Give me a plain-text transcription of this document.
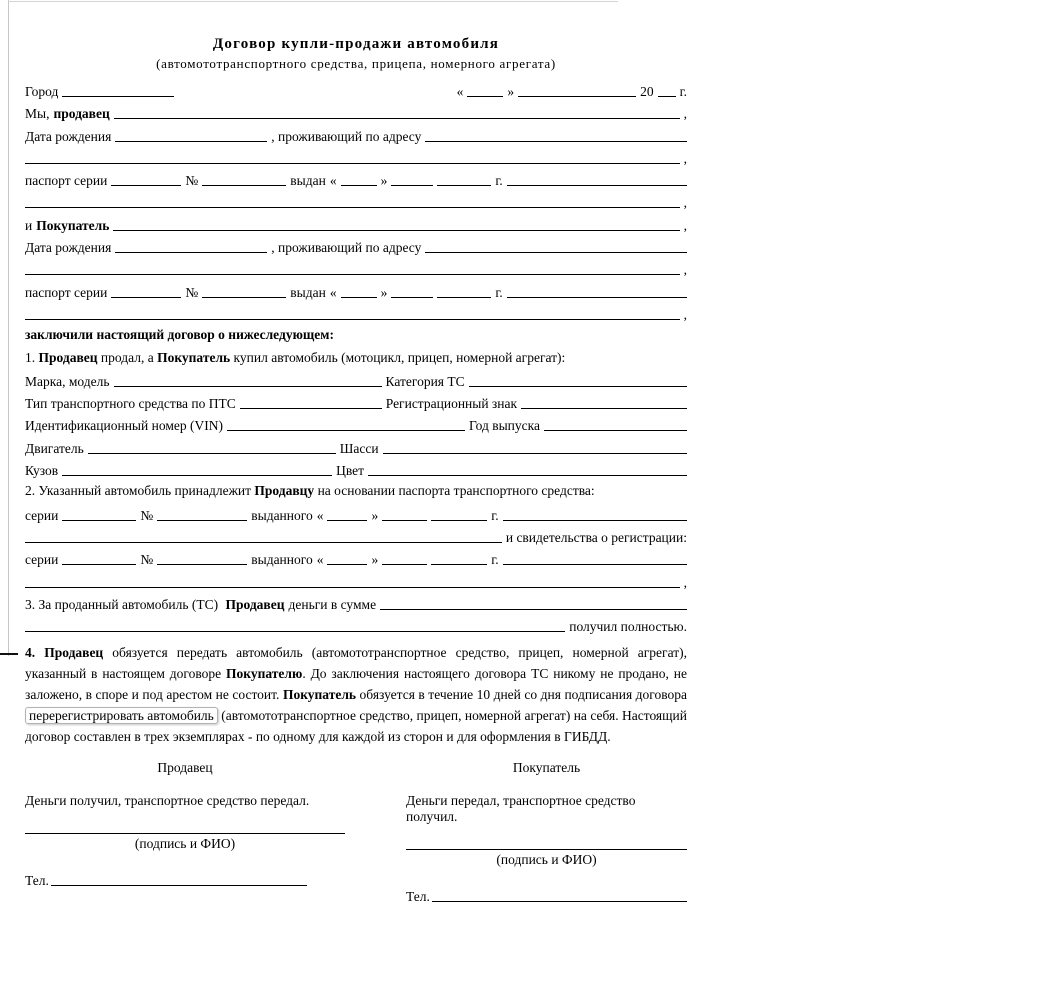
Договор купли-продажи автомобиля
(автомототранспортного средства, прицепа, номерного агрегата)
Город	«	»	20 г.
Мы, продавец	,
Дата рождения	, проживающий по адресу
,
паспорт серии	№	выдан «	»	г.
,
и Покупатель	,
Дата рождения	, проживающий по адресу
,
паспорт серии	№	выдан «	»	г.
,
заключили настоящий договор о нижеследующем:
1. Продавец продал, а Покупатель купил автомобиль (мотоцикл, прицеп, номерной агрегат):
Марка, модель	Категория ТС
Тип транспортного средства по ПТС	Регистрационный знак
Идентификационный номер (VIN)	Год выпуска
Двигатель	Шасси
Кузов	Цвет
2. Указанный автомобиль принадлежит Продавцу на основании паспорта транспортного средства:
серии	№	выданного «	»	г.
и свидетельства о регистрации:
серии	№	выданного «	»	г.
,
3. За проданный автомобиль (ТС) Продавец деньги в сумме
получил полностью.
4. Продавец обязуется передать автомобиль (автомототранспортное средство, прицеп, номерной агрегат), указанный в настоящем договоре Покупателю. До заключения настоящего договора ТС никому не продано, не заложено, в споре и под арестом не состоит. Покупатель обязуется в течение 10 дней со дня подписания договора перерегистрировать автомобиль (автомототранспортное средство, прицеп, номерной агрегат) на себя. Настоящий договор составлен в трех экземплярах - по одному для каждой из сторон и для оформления в ГИБДД.
Продавец
Деньги получил, транспортное средство передал.
(подпись и ФИО)
Тел.
Покупатель
Деньги передал, транспортное средство получил.
(подпись и ФИО)
Тел.
